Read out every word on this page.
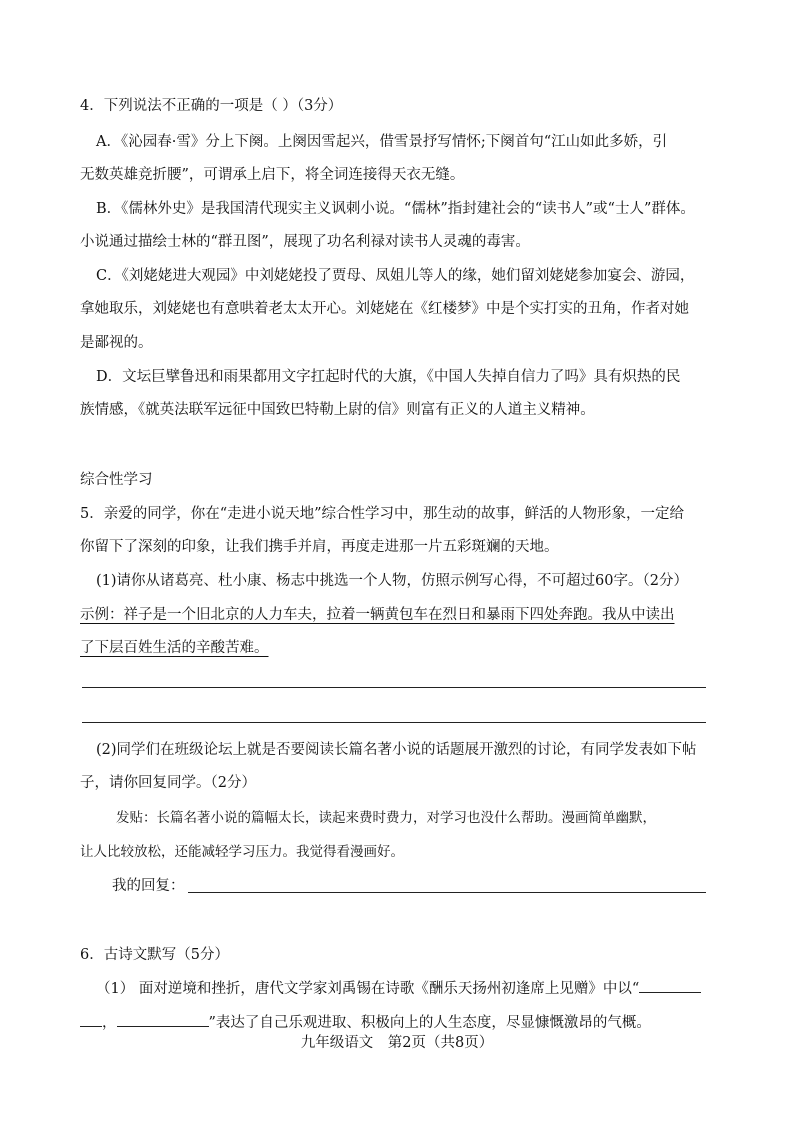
4．下列说法不正确的一项是（ ）（3分）
A．《沁园春·雪》分上下阕。上阕因雪起兴，借雪景抒写情怀;下阕首句“江山如此多娇，引
无数英雄竞折腰”，可谓承上启下，将全词连接得天衣无缝。
B．《儒林外史》是我国清代现实主义讽刺小说。“儒林”指封建社会的“读书人”或“士人”群体。
小说通过描绘士林的“群丑图”，展现了功名利禄对读书人灵魂的毒害。
C．《刘姥姥进大观园》中刘姥姥投了贾母、凤姐儿等人的缘，她们留刘姥姥参加宴会、游园，
拿她取乐，刘姥姥也有意哄着老太太开心。刘姥姥在《红楼梦》中是个实打实的丑角，作者对她
是鄙视的。
D．文坛巨擘鲁迅和雨果都用文字扛起时代的大旗，《中国人失掉自信力了吗》具有炽热的民
族情感，《就英法联军远征中国致巴特勒上尉的信》则富有正义的人道主义精神。
综合性学习
5．亲爱的同学，你在“走进小说天地”综合性学习中，那生动的故事，鲜活的人物形象，一定给
你留下了深刻的印象，让我们携手并肩，再度走进那一片五彩斑斓的天地。
(1)请你从诸葛亮、杜小康、杨志中挑选一个人物，仿照示例写心得，不可超过60字。（2分）
示例：祥子是一个旧北京的人力车夫，拉着一辆黄包车在烈日和暴雨下四处奔跑。我从中读出
了下层百姓生活的辛酸苦难。
(2)同学们在班级论坛上就是否要阅读长篇名著小说的话题展开激烈的讨论，有同学发表如下帖
子，请你回复同学。（2分）
发贴：长篇名著小说的篇幅太长，读起来费时费力，对学习也没什么帮助。漫画简单幽默，
让人比较放松，还能减轻学习压力。我觉得看漫画好。
我的回复：
6．古诗文默写（5分）
（1） 面对逆境和挫折，唐代文学家刘禹锡在诗歌《酬乐天扬州初逢席上见赠》中以“
，	”表达了自己乐观进取、积极向上的人生态度，尽显慷慨激昂的气概。
九年级语文　第2页（共8页）
